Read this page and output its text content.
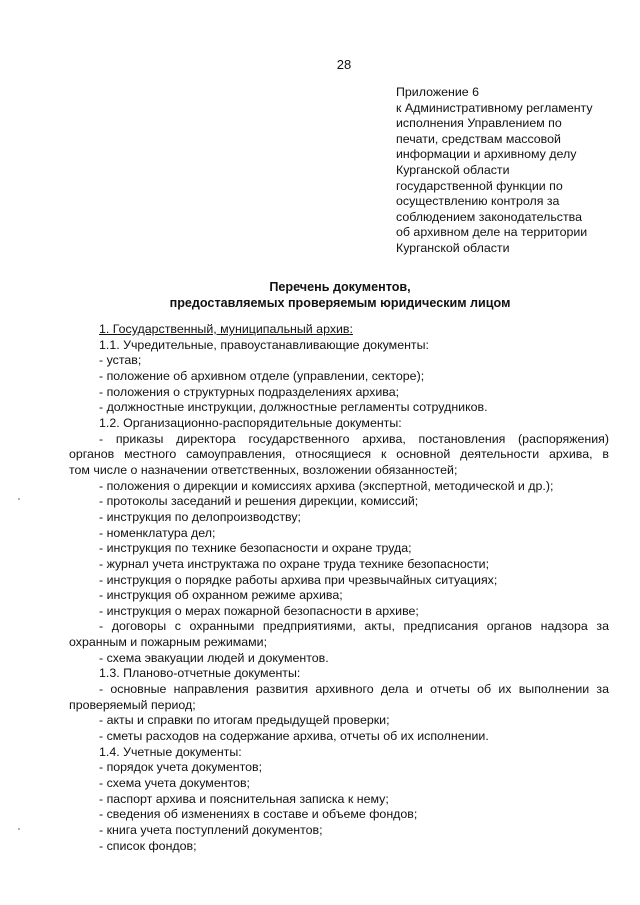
28
Приложение 6
к Административному регламенту
исполнения Управлением по
печати, средствам массовой
информации и архивному делу
Курганской области
государственной функции по
осуществлению контроля за
соблюдением законодательства
об архивном деле на территории
Курганской области
Перечень документов,
предоставляемых проверяемым юридическим лицом
1. Государственный, муниципальный архив:
1.1. Учредительные, правоустанавливающие документы:
- устав;
- положение об архивном отделе (управлении, секторе);
- положения о структурных подразделениях архива;
- должностные инструкции, должностные регламенты сотрудников.
1.2. Организационно-распорядительные документы:
- приказы директора государственного архива, постановления (распоряжения)
органов местного самоуправления, относящиеся к основной деятельности архива, в
том числе о назначении ответственных, возложении обязанностей;
- положения о дирекции и комиссиях архива (экспертной, методической и др.);
- протоколы заседаний и решения дирекции, комиссий;
- инструкция по делопроизводству;
- номенклатура дел;
- инструкция по технике безопасности и охране труда;
- журнал учета инструктажа по охране труда технике безопасности;
- инструкция о порядке работы архива при чрезвычайных ситуациях;
- инструкция об охранном режиме архива;
- инструкция о мерах пожарной безопасности в архиве;
- договоры с охранными предприятиями, акты, предписания органов надзора за
охранным и пожарным режимами;
- схема эвакуации людей и документов.
1.3. Планово-отчетные документы:
- основные направления развития архивного дела и отчеты об их выполнении за
проверяемый период;
- акты и справки по итогам предыдущей проверки;
- сметы расходов на содержание архива, отчеты об их исполнении.
1.4. Учетные документы:
- порядок учета документов;
- схема учета документов;
- паспорт архива и пояснительная записка к нему;
- сведения об изменениях в составе и объеме фондов;
- книга учета поступлений документов;
- список фондов;
